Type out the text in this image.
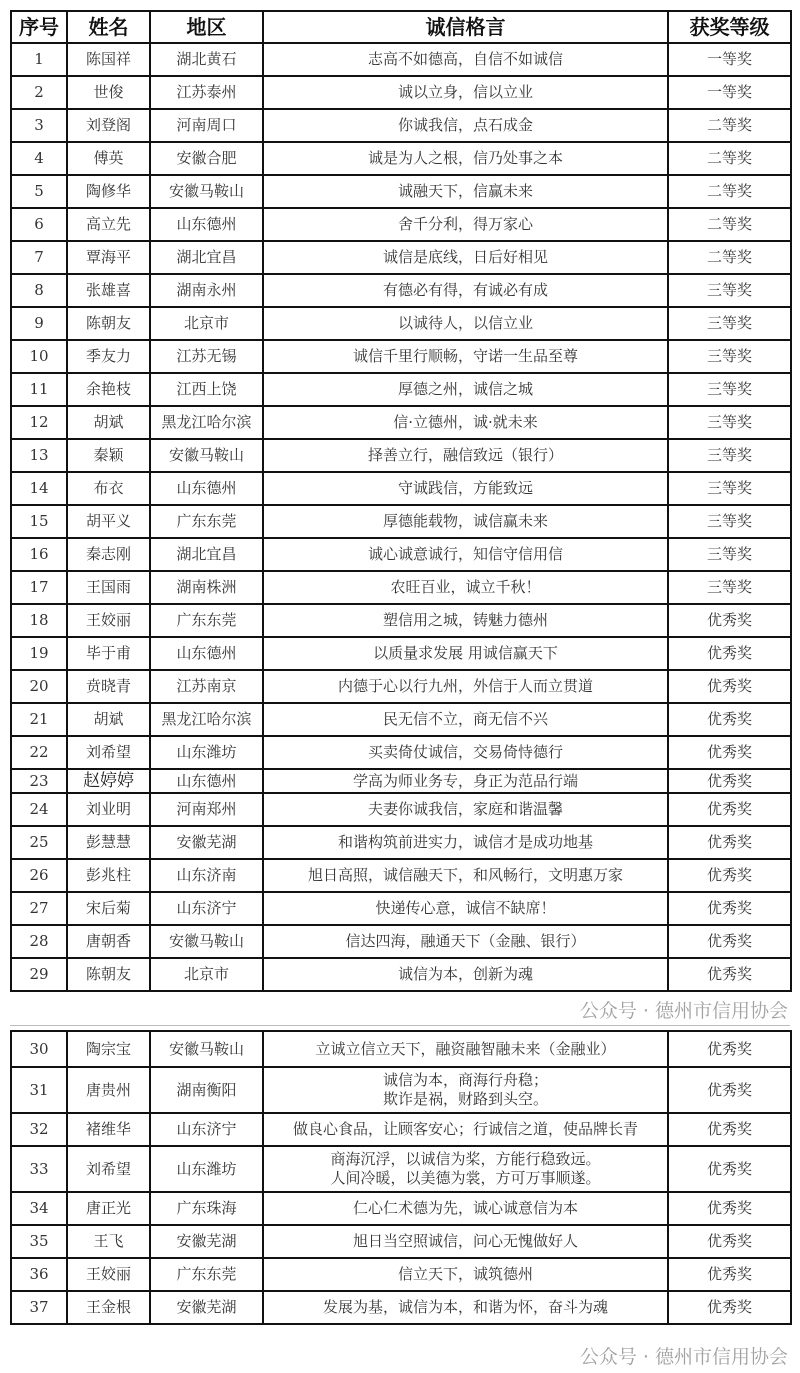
序号	姓名	地区	诚信格言	获奖等级
1	陈国祥	湖北黄石	志高不如德高，自信不如诚信	一等奖
2	世俊	江苏泰州	诚以立身，信以立业	一等奖
3	刘登阁	河南周口	你诚我信，点石成金	二等奖
4	傅英	安徽合肥	诚是为人之根，信乃处事之本	二等奖
5	陶修华	安徽马鞍山	诚融天下，信赢未来	二等奖
6	高立先	山东德州	舍千分利，得万家心	二等奖
7	覃海平	湖北宜昌	诚信是底线，日后好相见	二等奖
8	张雄喜	湖南永州	有德必有得，有诚必有成	三等奖
9	陈朝友	北京市	以诚待人，以信立业	三等奖
10	季友力	江苏无锡	诚信千里行顺畅，守诺一生品至尊	三等奖
11	余艳枝	江西上饶	厚德之州，诚信之城	三等奖
12	胡斌	黑龙江哈尔滨	信·立德州，诚·就未来	三等奖
13	秦颖	安徽马鞍山	择善立行，融信致远（银行）	三等奖
14	布衣	山东德州	守诚践信，方能致远	三等奖
15	胡平义	广东东莞	厚德能载物，诚信赢未来	三等奖
16	秦志刚	湖北宜昌	诚心诚意诚行，知信守信用信	三等奖
17	王国雨	湖南株洲	农旺百业，诚立千秋！	三等奖
18	王姣丽	广东东莞	塑信用之城，铸魅力德州	优秀奖
19	毕于甫	山东德州	以质量求发展 用诚信赢天下	优秀奖
20	贲晓青	江苏南京	内德于心以行九州，外信于人而立贯道	优秀奖
21	胡斌	黑龙江哈尔滨	民无信不立，商无信不兴	优秀奖
22	刘希望	山东潍坊	买卖倚仗诚信，交易倚恃德行	优秀奖
23	赵婷婷	山东德州	学高为师业务专，身正为范品行端	优秀奖
24	刘业明	河南郑州	夫妻你诚我信，家庭和谐温馨	优秀奖
25	彭慧慧	安徽芜湖	和谐构筑前进实力，诚信才是成功地基	优秀奖
26	彭兆柱	山东济南	旭日高照，诚信融天下，和风畅行，文明惠万家	优秀奖
27	宋后菊	山东济宁	快递传心意，诚信不缺席！	优秀奖
28	唐朝香	安徽马鞍山	信达四海，融通天下（金融、银行）	优秀奖
29	陈朝友	北京市	诚信为本，创新为魂	优秀奖
公众号 · 德州市信用协会
30	陶宗宝	安徽马鞍山	立诚立信立天下，融资融智融未来（金融业）	优秀奖
31	唐贵州	湖南衡阳	诚信为本，商海行舟稳；
欺诈是祸，财路到头空。	优秀奖
32	褚维华	山东济宁	做良心食品，让顾客安心；行诚信之道，使品牌长青	优秀奖
33	刘希望	山东潍坊	商海沉浮，以诚信为桨，方能行稳致远。
人间冷暖，以美德为裳，方可万事顺遂。	优秀奖
34	唐正光	广东珠海	仁心仁术德为先，诚心诚意信为本	优秀奖
35	王飞	安徽芜湖	旭日当空照诚信，问心无愧做好人	优秀奖
36	王姣丽	广东东莞	信立天下，诚筑德州	优秀奖
37	王金根	安徽芜湖	发展为基，诚信为本，和谐为怀，奋斗为魂	优秀奖
公众号 · 德州市信用协会
